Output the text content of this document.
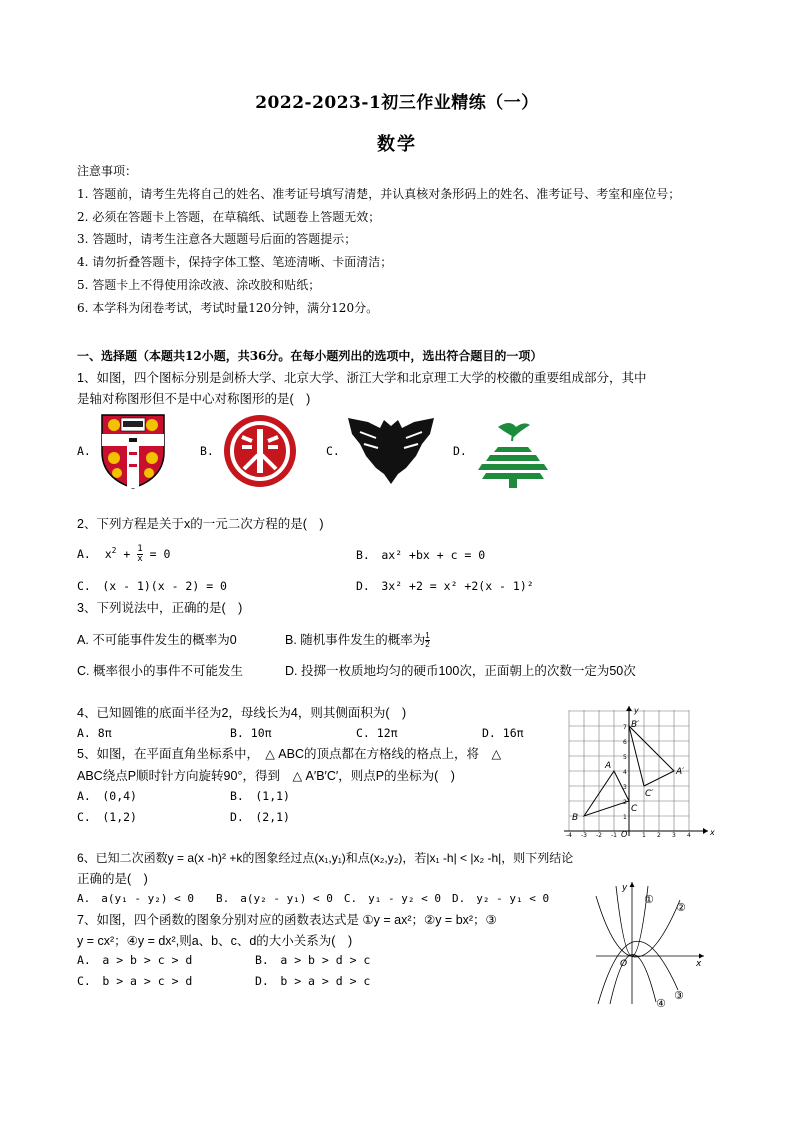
2022-2023-1初三作业精练（一）
数学
注意事项：
1. 答题前，请考生先将自己的姓名、准考证号填写清楚，并认真核对条形码上的姓名、准考证号、考室和座位号；
2. 必须在答题卡上答题，在草稿纸、试题卷上答题无效；
3. 答题时，请考生注意各大题题号后面的答题提示；
4. 请勿折叠答题卡，保持字体工整、笔迹清晰、卡面清洁；
5. 答题卡上不得使用涂改液、涂改胶和贴纸；
6. 本学科为闭卷考试，考试时量120分钟，满分120分。
一、选择题（本题共12小题，共36分。在每小题列出的选项中，选出符合题目的一项）
1、如图，四个图标分别是剑桥大学、北京大学、浙江大学和北京理工大学的校徽的重要组成部分，其中
是轴对称图形但不是中心对称图形的是(　)
A.	B.	C.	D.
2、下列方程是关于x的一元二次方程的是(　)
A. $x^2 + \frac{1}{x} = 0$	B.　ax² +bx + c = 0
C.　(x - 1)(x - 2) = 0	D.　3x² +2 = x² +2(x - 1)²
3、下列说法中，正确的是(　)
A. 不可能事件发生的概率为0	B. 随机事件发生的概率为 $\frac{1}{2}$
C. 概率很小的事件不可能发生	D. 投掷一枚质地均匀的硬币100次，正面朝上的次数一定为50次
4、已知圆锥的底面半径为2，母线长为4，则其侧面积为(　)
A. 8π	B. 10π	C. 12π	D. 16π
5、如图，在平面直角坐标系中，　△ ABC的顶点都在方格线的格点上，将　△
ABC绕点P顺时针方向旋转90°，得到　△ A′B′C′，则点P的坐标为(　)
A.　(0,4)	B.　(1,1)
C.　(1,2)	D.　(2,1)
y
x
O
-4 -3 -2 -1	1 2 3 4
1
2
3
4
5
6
7
B
A
C
B′
A′
C′
6、已知二次函数y = a(x -h)² +k的图象经过点(x₁,y₁)和点(x₂,y₂)，若|x₁ -h| < |x₂ -h|，则下列结论
正确的是(　)
A.　a(y₁ - y₂) < 0　　B.　a(y₂ - y₁) < 0　C.　y₁ - y₂ < 0　D.　y₂ - y₁ < 0
7、如图，四个函数的图象分别对应的函数表达式是 ①y = ax²；②y = bx²；③
y = cx²；④y = dx²,则a、b、c、d的大小关系为(　)
A.　a > b > c > d	B.　a > b > d > c
C.　b > a > c > d	D.　b > a > d > c
y
x
O
①
②
③
④
